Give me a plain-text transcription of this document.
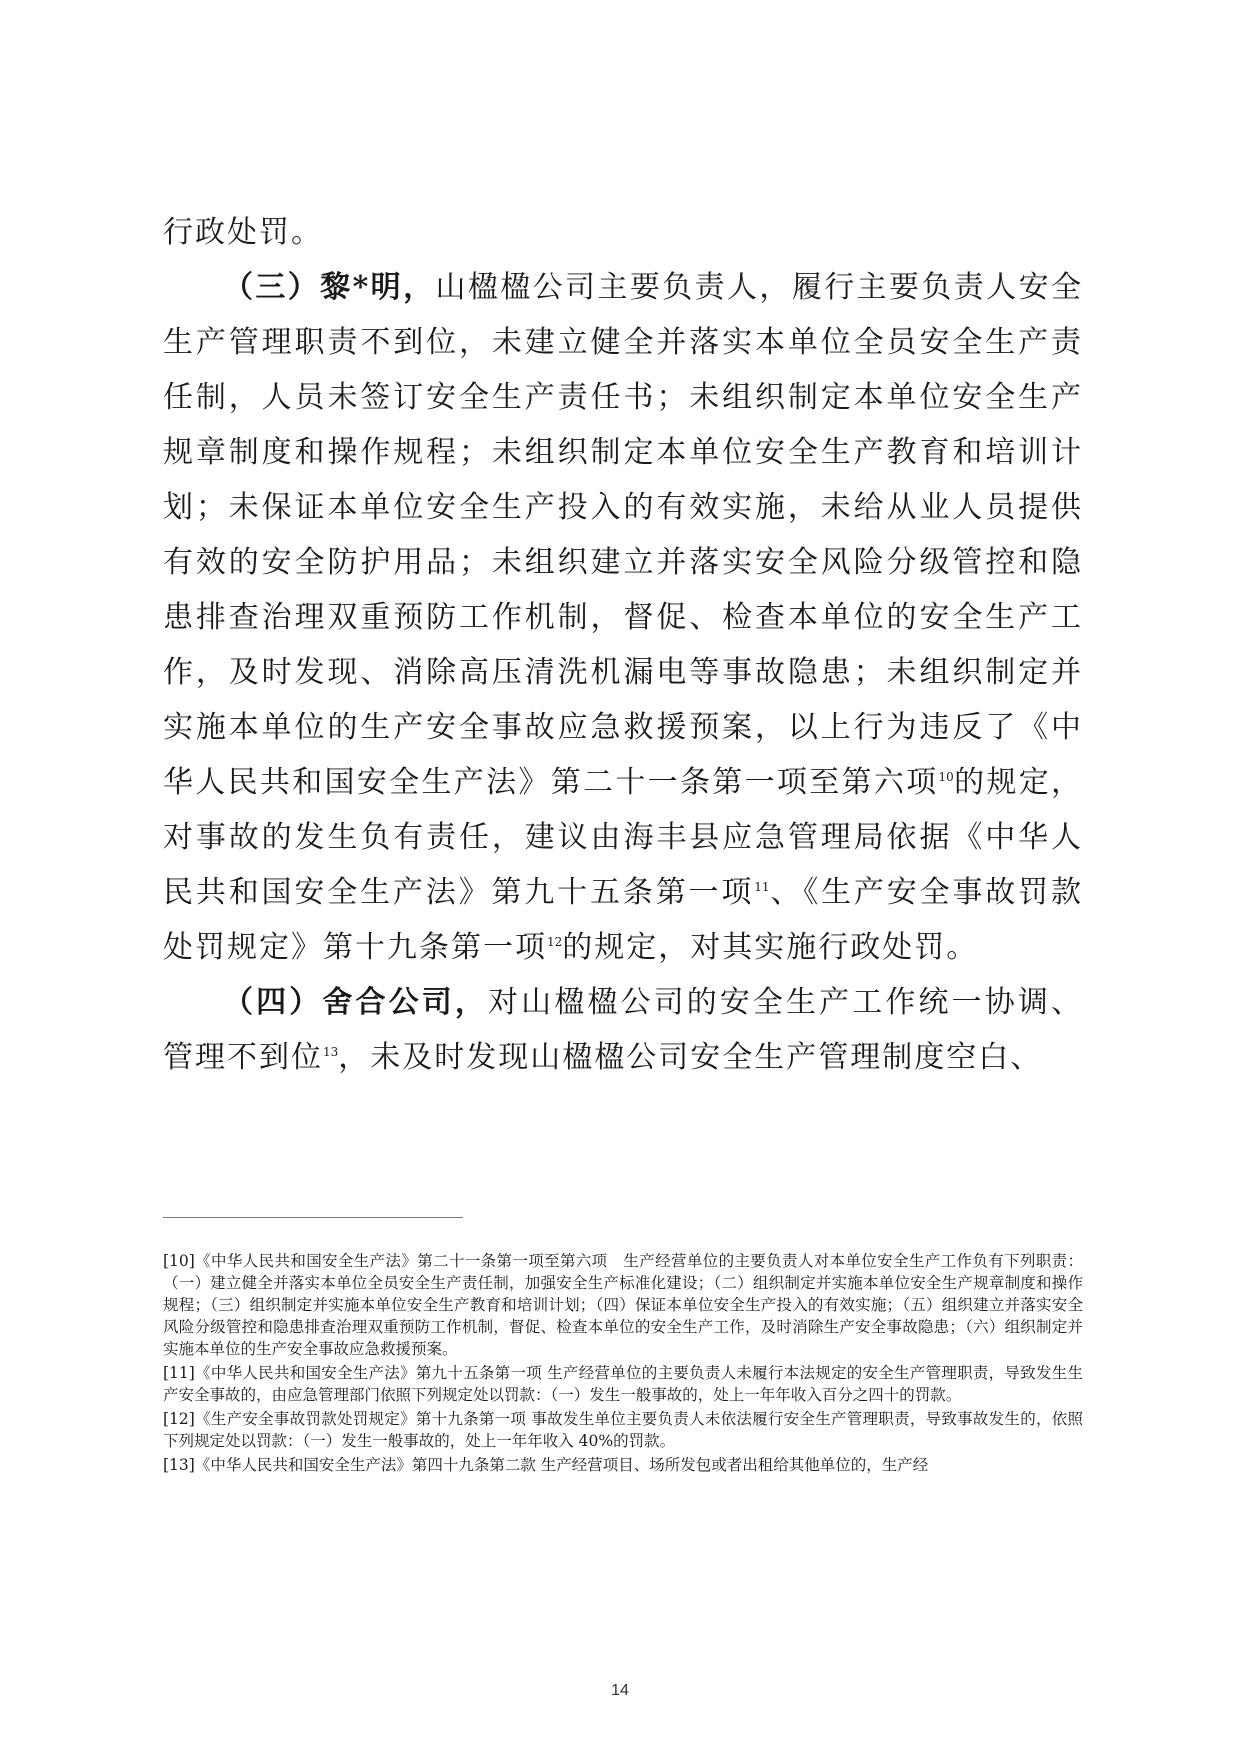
行政处罚。

（三）黎*明，山楹楹公司主要负责人，履行主要负责人安全生产管理职责不到位，未建立健全并落实本单位全员安全生产责任制，人员未签订安全生产责任书；未组织制定本单位安全生产规章制度和操作规程；未组织制定本单位安全生产教育和培训计划；未保证本单位安全生产投入的有效实施，未给从业人员提供有效的安全防护用品；未组织建立并落实安全风险分级管控和隐患排查治理双重预防工作机制，督促、检查本单位的安全生产工作，及时发现、消除高压清洗机漏电等事故隐患；未组织制定并实施本单位的生产安全事故应急救援预案，以上行为违反了《中华人民共和国安全生产法》第二十一条第一项至第六项$^{10}$的规定，对事故的发生负有责任，建议由海丰县应急管理局依据《中华人民共和国安全生产法》第九十五条第一项$^{11}$、《生产安全事故罚款处罚规定》第十九条第一项$^{12}$的规定，对其实施行政处罚。

（四）舍合公司，对山楹楹公司的安全生产工作统一协调、管理不到位$^{13}$，未及时发现山楹楹公司安全生产管理制度空白、

[10]《中华人民共和国安全生产法》第二十一条第一项至第六项　生产经营单位的主要负责人对本单位安全生产工作负有下列职责：（一）建立健全并落实本单位全员安全生产责任制，加强安全生产标准化建设；（二）组织制定并实施本单位安全生产规章制度和操作规程；（三）组织制定并实施本单位安全生产教育和培训计划；（四）保证本单位安全生产投入的有效实施；（五）组织建立并落实安全风险分级管控和隐患排查治理双重预防工作机制，督促、检查本单位的安全生产工作，及时消除生产安全事故隐患；（六）组织制定并实施本单位的生产安全事故应急救援预案。

[11]《中华人民共和国安全生产法》第九十五条第一项 生产经营单位的主要负责人未履行本法规定的安全生产管理职责，导致发生生产安全事故的，由应急管理部门依照下列规定处以罚款：（一）发生一般事故的，处上一年年收入百分之四十的罚款。

[12]《生产安全事故罚款处罚规定》第十九条第一项 事故发生单位主要负责人未依法履行安全生产管理职责，导致事故发生的，依照下列规定处以罚款：（一）发生一般事故的，处上一年年收入 40%的罚款。

[13]《中华人民共和国安全生产法》第四十九条第二款 生产经营项目、场所发包或者出租给其他单位的，生产经

14
